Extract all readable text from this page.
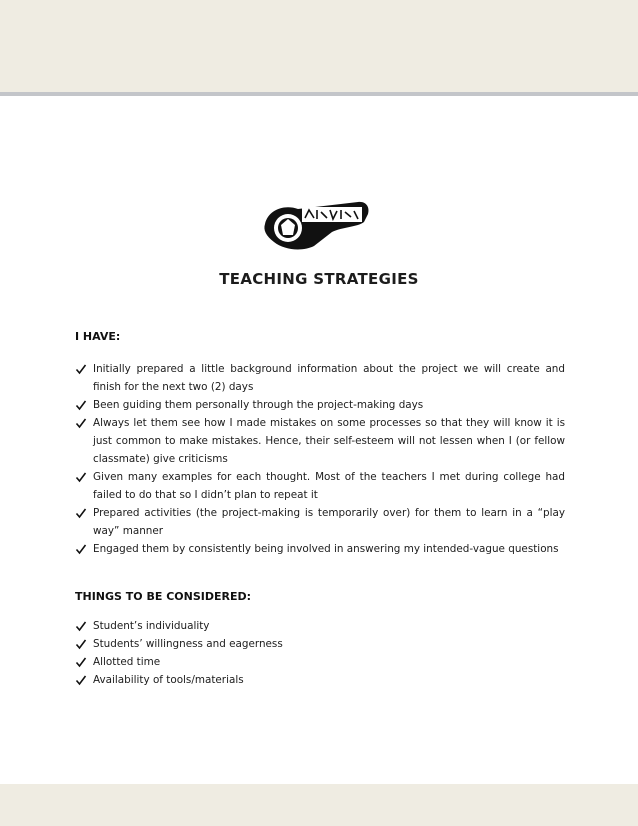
TEACHING STRATEGIES
I HAVE:
Initially prepared a little background information about the project we will create and finish for the next two (2) days
Been guiding them personally through the project-making days
Always let them see how I made mistakes on some processes so that they will know it is just common to make mistakes. Hence, their self-esteem will not lessen when I (or fellow classmate) give criticisms
Given many examples for each thought. Most of the teachers I met during college had failed to do that so I didn’t plan to repeat it
Prepared activities (the project-making is temporarily over) for them to learn in a “play way” manner
Engaged them by consistently being involved in answering my intended-vague questions
THINGS TO BE CONSIDERED:
Student’s individuality
Students’ willingness and eagerness
Allotted time
Availability of tools/materials
